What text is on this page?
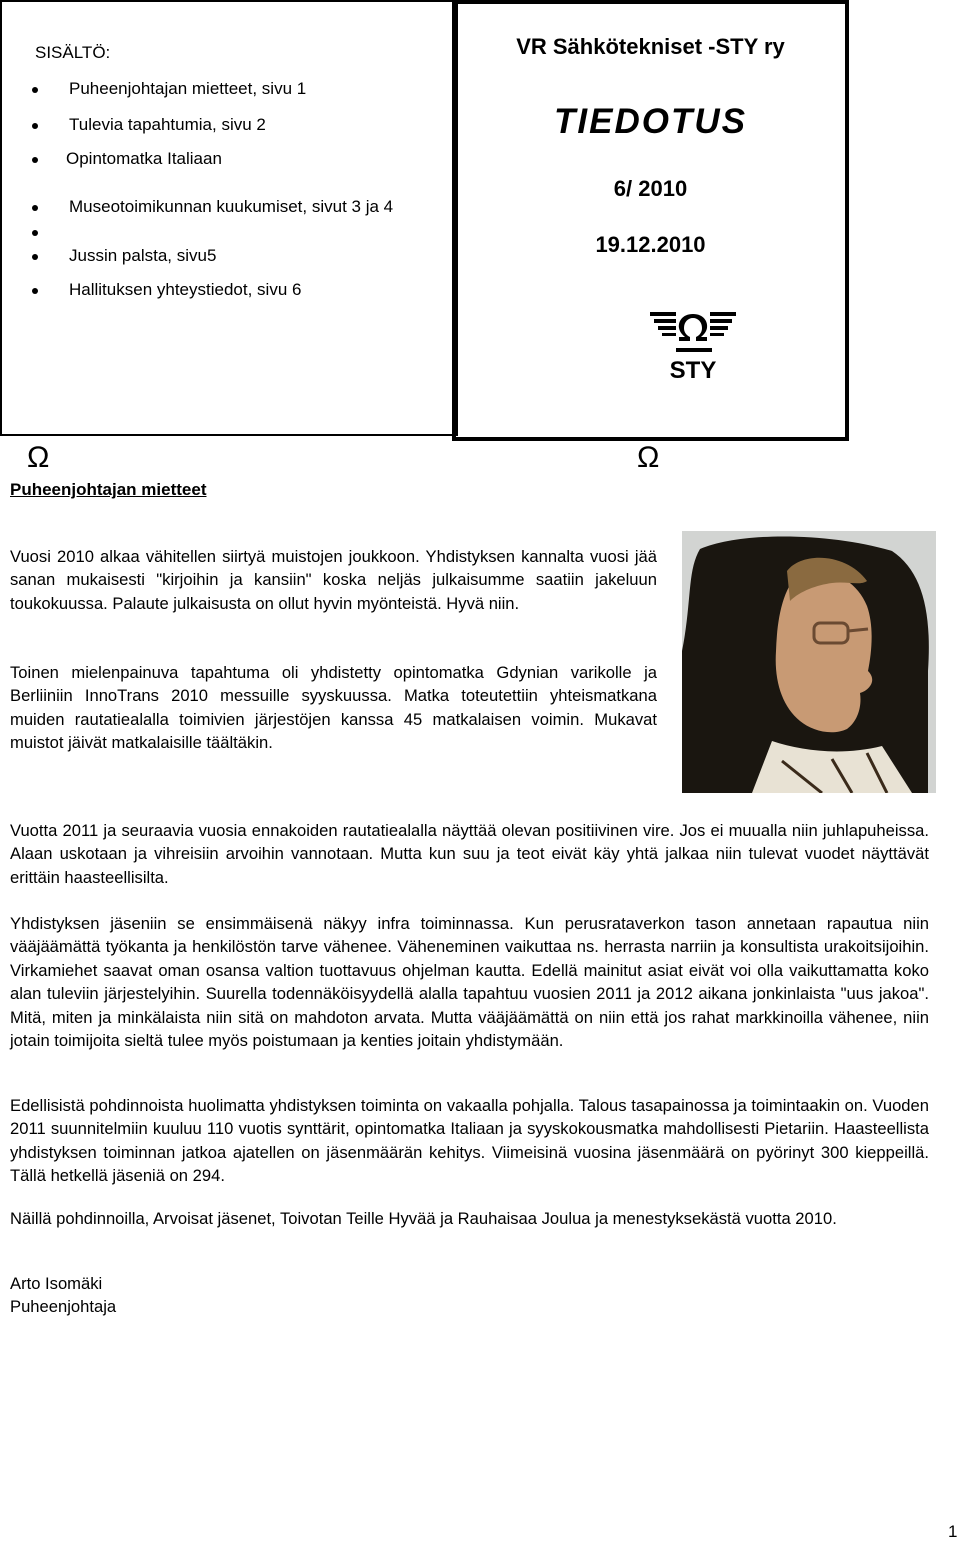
SISÄLTÖ:
Puheenjohtajan mietteet, sivu 1
Tulevia tapahtumia, sivu 2
Opintomatka Italiaan
Museotoimikunnan kuukumiset, sivut 3 ja 4
Jussin palsta, sivu5
Hallituksen yhteystiedot, sivu 6
VR Sähkötekniset -STY ry
TIEDOTUS
6/ 2010
19.12.2010
STY
Ω	Ω
Puheenjohtajan mietteet

Vuosi 2010 alkaa vähitellen siirtyä muistojen joukkoon. Yhdistyksen kannalta vuosi jää sanan mukaisesti "kirjoihin ja kansiin" koska neljäs julkaisumme saatiin jakeluun toukokuussa. Palaute julkaisusta on ollut hyvin myönteistä. Hyvä niin.

Toinen mielenpainuva tapahtuma oli yhdistetty opintomatka Gdynian varikolle ja Berliiniin InnoTrans 2010 messuille syyskuussa. Matka toteutettiin yhteismatkana muiden rautatiealalla toimivien järjestöjen kanssa 45 matkalaisen voimin. Mukavat muistot jäivät matkalaisille täältäkin.

Vuotta 2011 ja seuraavia vuosia ennakoiden rautatiealalla näyttää olevan positiivinen vire. Jos ei muualla niin juhlapuheissa. Alaan uskotaan ja vihreisiin arvoihin vannotaan. Mutta kun suu ja teot eivät käy yhtä jalkaa niin tulevat vuodet näyttävät erittäin haasteellisilta.

Yhdistyksen jäseniin se ensimmäisenä näkyy infra toiminnassa. Kun perusrataverkon tason annetaan rapautua niin vääjäämättä työkanta ja henkilöstön tarve vähenee. Väheneminen vaikuttaa ns. herrasta narriin ja konsultista urakoitsijoihin. Virkamiehet saavat oman osansa valtion tuottavuus ohjelman kautta. Edellä mainitut asiat eivät voi olla vaikuttamatta koko alan tuleviin järjestelyihin. Suurella todennäköisyydellä alalla tapahtuu vuosien 2011 ja 2012 aikana jonkinlaista "uus jakoa". Mitä, miten ja minkälaista niin sitä on mahdoton arvata. Mutta vääjäämättä on niin että jos rahat markkinoilla vähenee, niin jotain toimijoita sieltä tulee myös poistumaan ja kenties joitain yhdistymään.

Edellisistä pohdinnoista huolimatta yhdistyksen toiminta on vakaalla pohjalla. Talous tasapainossa ja toimintaakin on. Vuoden 2011 suunnitelmiin kuuluu 110 vuotis synttärit, opintomatka Italiaan ja syyskokousmatka mahdollisesti Pietariin. Haasteellista yhdistyksen toiminnan jatkoa ajatellen on jäsenmäärän kehitys. Viimeisinä vuosina jäsenmäärä on pyörinyt 300 kieppeillä. Tällä hetkellä jäseniä on 294.

Näillä pohdinnoilla, Arvoisat jäsenet, Toivotan Teille Hyvää ja Rauhaisaa Joulua ja menestyksekästä vuotta 2010.

Arto Isomäki
Puheenjohtaja
1
